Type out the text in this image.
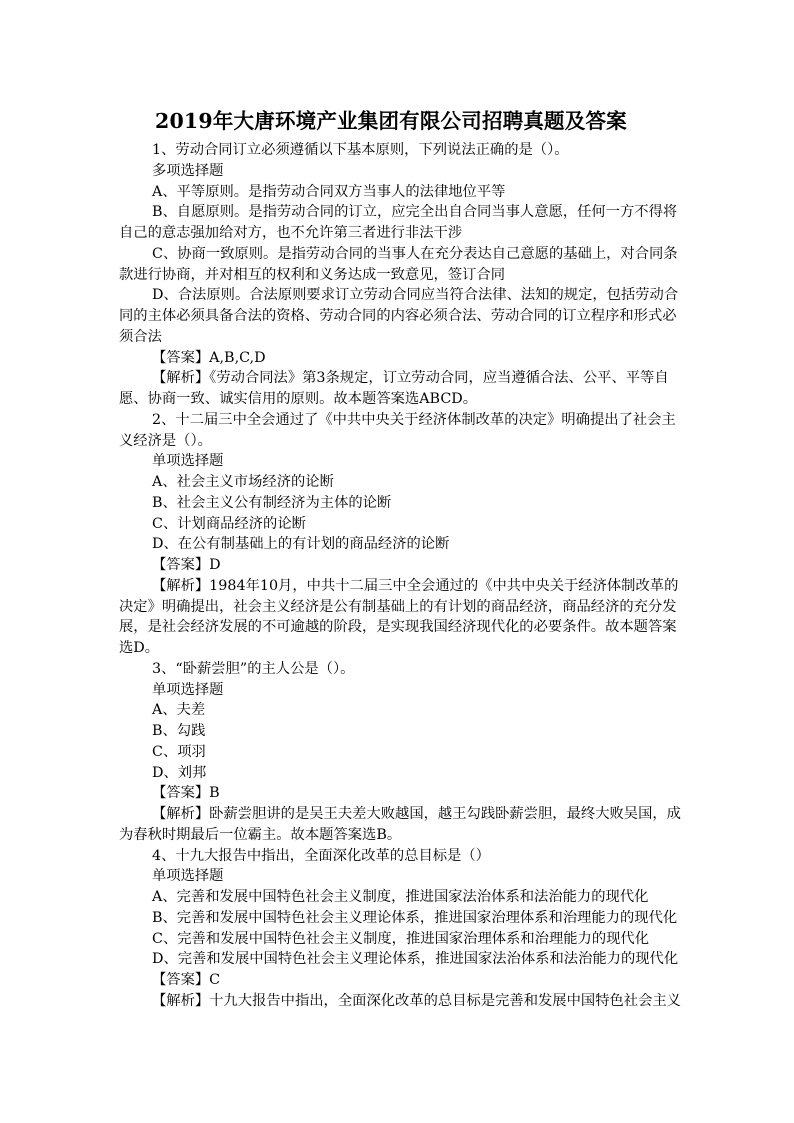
2019年大唐环境产业集团有限公司招聘真题及答案
1、劳动合同订立必须遵循以下基本原则，下列说法正确的是（）。
多项选择题
A、平等原则。是指劳动合同双方当事人的法律地位平等
B、自愿原则。是指劳动合同的订立，应完全出自合同当事人意愿，任何一方不得将
自己的意志强加给对方，也不允许第三者进行非法干涉
C、协商一致原则。是指劳动合同的当事人在充分表达自己意愿的基础上，对合同条
款进行协商，并对相互的权利和义务达成一致意见，签订合同
D、合法原则。合法原则要求订立劳动合同应当符合法律、法知的规定，包括劳动合
同的主体必须具备合法的资格、劳动合同的内容必须合法、劳动合同的订立程序和形式必
须合法
【答案】A,B,C,D
【解析】《劳动合同法》第3条规定，订立劳动合同，应当遵循合法、公平、平等自
愿、协商一致、诚实信用的原则。故本题答案选ABCD。
2、十二届三中全会通过了《中共中央关于经济体制改革的决定》明确提出了社会主
义经济是（）。
单项选择题
A、社会主义市场经济的论断
B、社会主义公有制经济为主体的论断
C、计划商品经济的论断
D、在公有制基础上的有计划的商品经济的论断
【答案】D
【解析】1984年10月，中共十二届三中全会通过的《中共中央关于经济体制改革的
决定》明确提出，社会主义经济是公有制基础上的有计划的商品经济，商品经济的充分发
展，是社会经济发展的不可逾越的阶段，是实现我国经济现代化的必要条件。故本题答案
选D。
3、“卧薪尝胆”的主人公是（）。
单项选择题
A、夫差
B、勾践
C、项羽
D、刘邦
【答案】B
【解析】卧薪尝胆讲的是吴王夫差大败越国，越王勾践卧薪尝胆，最终大败吴国，成
为春秋时期最后一位霸主。故本题答案选B。
4、十九大报告中指出，全面深化改革的总目标是（）
单项选择题
A、完善和发展中国特色社会主义制度，推进国家法治体系和法治能力的现代化
B、完善和发展中国特色社会主义理论体系，推进国家治理体系和治理能力的现代化
C、完善和发展中国特色社会主义制度，推进国家治理体系和治理能力的现代化
D、完善和发展中国特色社会主义理论体系，推进国家法治体系和法治能力的现代化
【答案】C
【解析】十九大报告中指出，全面深化改革的总目标是完善和发展中国特色社会主义
